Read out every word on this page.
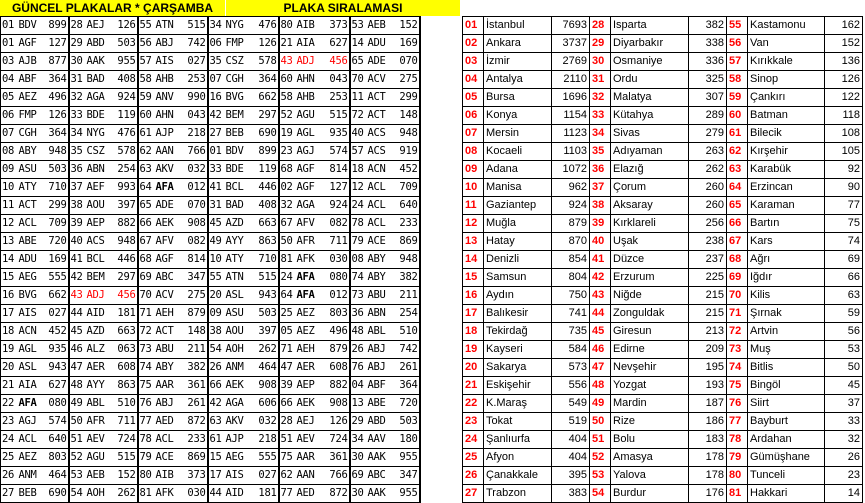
GÜNCEL PLAKALAR * ÇARŞAMBA	PLAKA SIRALAMASI
01	BDV	899	28	AEJ	126	55	ATN	515	34	NYG	476	80	AIB	373	53	AEB	152
01	AGF	127	29	ABD	503	56	ABJ	742	06	FMP	126	21	AIA	627	14	ADU	169
03	AJB	877	30	AAK	955	57	AIS	027	35	CSZ	578	43	ADJ	456	65	ADE	070
04	ABF	364	31	BAD	408	58	AHB	253	07	CGH	364	60	AHN	043	70	ACV	275
05	AEZ	496	32	AGA	924	59	ANV	990	16	BVG	662	58	AHB	253	11	ACT	299
06	FMP	126	33	BDE	119	60	AHN	043	42	BEM	297	52	AGU	515	72	ACT	148
07	CGH	364	34	NYG	476	61	AJP	218	27	BEB	690	19	AGL	935	40	ACS	948
08	ABY	948	35	CSZ	578	62	AAN	766	01	BDV	899	23	AGJ	574	57	ACS	919
09	ASU	503	36	ABN	254	63	AKV	032	33	BDE	119	68	AGF	814	18	ACN	452
10	ATY	710	37	AEF	993	64	AFA	012	41	BCL	446	02	AGF	127	12	ACL	709
11	ACT	299	38	AOU	397	65	ADE	070	31	BAD	408	32	AGA	924	24	ACL	640
12	ACL	709	39	AEP	882	66	AEK	908	45	AZD	663	67	AFV	082	78	ACL	233
13	ABE	720	40	ACS	948	67	AFV	082	49	AYY	863	50	AFR	711	79	ACE	869
14	ADU	169	41	BCL	446	68	AGF	814	10	ATY	710	81	AFK	030	08	ABY	948
15	AEG	555	42	BEM	297	69	ABC	347	55	ATN	515	24	AFA	080	74	ABY	382
16	BVG	662	43	ADJ	456	70	ACV	275	20	ASL	943	64	AFA	012	73	ABU	211
17	AIS	027	44	AID	181	71	AEH	879	09	ASU	503	25	AEZ	803	36	ABN	254
18	ACN	452	45	AZD	663	72	ACT	148	38	AOU	397	05	AEZ	496	48	ABL	510
19	AGL	935	46	ALZ	063	73	ABU	211	54	AOH	262	71	AEH	879	26	ABJ	742
20	ASL	943	47	AER	608	74	ABY	382	26	ANM	464	47	AER	608	76	ABJ	261
21	AIA	627	48	AYY	863	75	AAR	361	66	AEK	908	39	AEP	882	04	ABF	364
22	AFA	080	49	ABL	510	76	ABJ	261	42	AGA	606	66	AEK	908	13	ABE	720
23	AGJ	574	50	AFR	711	77	AED	872	63	AKV	032	28	AEJ	126	29	ABD	503
24	ACL	640	51	AEV	724	78	ACL	233	61	AJP	218	51	AEV	724	34	AAV	180
25	AEZ	803	52	AGU	515	79	ACE	869	15	AEG	555	75	AAR	361	30	AAK	955
26	ANM	464	53	AEB	152	80	AIB	373	17	AIS	027	62	AAN	766	69	ABC	347
27	BEB	690	54	AOH	262	81	AFK	030	44	AID	181	77	AED	872	30	AAK	955
01	İstanbul	7693	28	Isparta	382	55	Kastamonu	162
02	Ankara	3737	29	Diyarbakır	338	56	Van	152
03	İzmir	2769	30	Osmaniye	336	57	Kırıkkale	136
04	Antalya	2110	31	Ordu	325	58	Sinop	126
05	Bursa	1696	32	Malatya	307	59	Çankırı	122
06	Konya	1154	33	Kütahya	289	60	Batman	118
07	Mersin	1123	34	Sivas	279	61	Bilecik	108
08	Kocaeli	1103	35	Adıyaman	263	62	Kırşehir	105
09	Adana	1072	36	Elazığ	262	63	Karabük	92
10	Manisa	962	37	Çorum	260	64	Erzincan	90
11	Gaziantep	924	38	Aksaray	260	65	Karaman	77
12	Muğla	879	39	Kırklareli	256	66	Bartın	75
13	Hatay	870	40	Uşak	238	67	Kars	74
14	Denizli	854	41	Düzce	237	68	Ağrı	69
15	Samsun	804	42	Erzurum	225	69	Iğdır	66
16	Aydın	750	43	Niğde	215	70	Kilis	63
17	Balıkesir	741	44	Zonguldak	215	71	Şırnak	59
18	Tekirdağ	735	45	Giresun	213	72	Artvin	56
19	Kayseri	584	46	Edirne	209	73	Muş	53
20	Sakarya	573	47	Nevşehir	195	74	Bitlis	50
21	Eskişehir	556	48	Yozgat	193	75	Bingöl	45
22	K.Maraş	549	49	Mardin	187	76	Siirt	37
23	Tokat	519	50	Rize	186	77	Bayburt	33
24	Şanlıurfa	404	51	Bolu	183	78	Ardahan	32
25	Afyon	404	52	Amasya	178	79	Gümüşhane	26
26	Çanakkale	395	53	Yalova	178	80	Tunceli	23
27	Trabzon	383	54	Burdur	176	81	Hakkari	14
